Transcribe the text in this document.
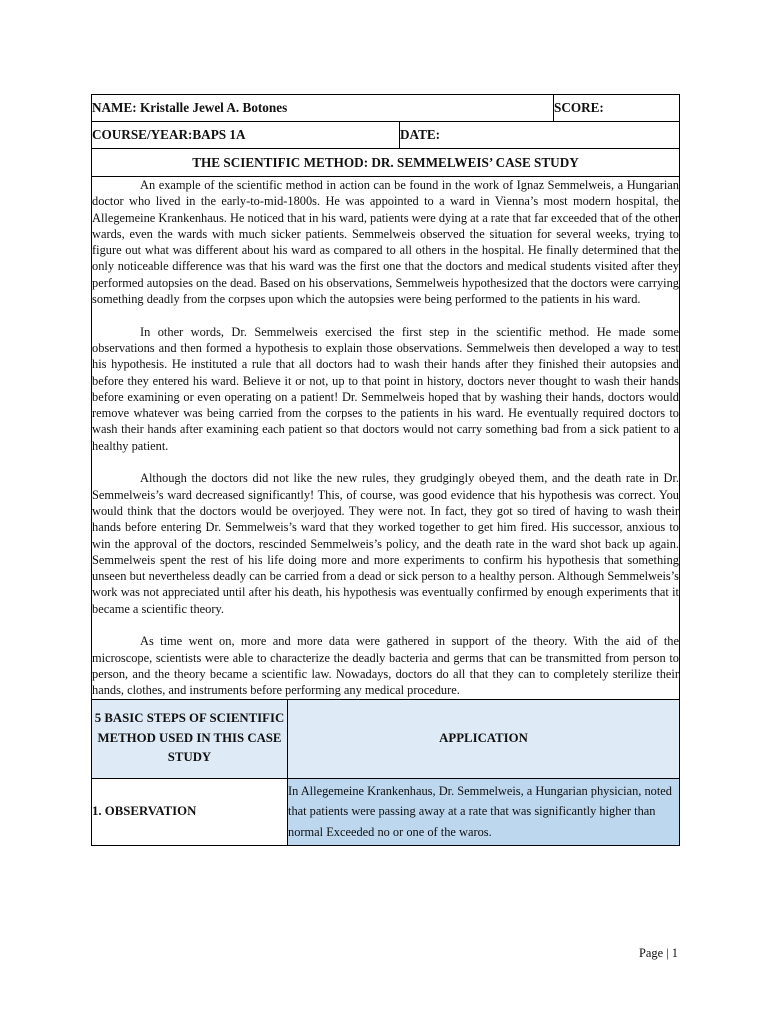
NAME: Kristalle Jewel A. Botones			SCORE:
COURSE/YEAR:BAPS 1A		DATE:	
THE SCIENTIFIC METHOD: DR. SEMMELWEIS’ CASE STUDY			

An example of the scientific method in action can be found in the work of Ignaz Semmelweis, a Hungarian doctor who lived in the early-to-mid-1800s. He was appointed to a ward in Vienna’s most modern hospital, the Allegemeine Krankenhaus. He noticed that in his ward, patients were dying at a rate that far exceeded that of the other wards, even the wards with much sicker patients. Semmelweis observed the situation for several weeks, trying to figure out what was different about his ward as compared to all others in the hospital. He finally determined that the only noticeable difference was that his ward was the first one that the doctors and medical students visited after they performed autopsies on the dead. Based on his observations, Semmelweis hypothesized that the doctors were carrying something deadly from the corpses upon which the autopsies were being performed to the patients in his ward.

In other words, Dr. Semmelweis exercised the first step in the scientific method. He made some observations and then formed a hypothesis to explain those observations. Semmelweis then developed a way to test his hypothesis. He instituted a rule that all doctors had to wash their hands after they finished their autopsies and before they entered his ward. Believe it or not, up to that point in history, doctors never thought to wash their hands before examining or even operating on a patient! Dr. Semmelweis hoped that by washing their hands, doctors would remove whatever was being carried from the corpses to the patients in his ward. He eventually required doctors to wash their hands after examining each patient so that doctors would not carry something bad from a sick patient to a healthy patient.

Although the doctors did not like the new rules, they grudgingly obeyed them, and the death rate in Dr. Semmelweis’s ward decreased significantly! This, of course, was good evidence that his hypothesis was correct. You would think that the doctors would be overjoyed. They were not. In fact, they got so tired of having to wash their hands before entering Dr. Semmelweis’s ward that they worked together to get him fired. His successor, anxious to win the approval of the doctors, rescinded Semmelweis’s policy, and the death rate in the ward shot back up again. Semmelweis spent the rest of his life doing more and more experiments to confirm his hypothesis that something unseen but nevertheless deadly can be carried from a dead or sick person to a healthy person. Although Semmelweis’s work was not appreciated until after his death, his hypothesis was eventually confirmed by enough experiments that it became a scientific theory.

As time went on, more and more data were gathered in support of the theory. With the aid of the microscope, scientists were able to characterize the deadly bacteria and germs that can be transmitted from person to person, and the theory became a scientific law. Nowadays, doctors do all that they can to completely sterilize their hands, clothes, and instruments before performing any medical procedure.			

5 BASIC STEPS OF SCIENTIFIC METHOD USED IN THIS CASE STUDY	APPLICATION		
1. OBSERVATION	In Allegemeine Krankenhaus, Dr. Semmelweis, a Hungarian physician, noted that patients were passing away at a rate that was significantly higher than normal Exceeded no or one of the waros.		
Page | 1
